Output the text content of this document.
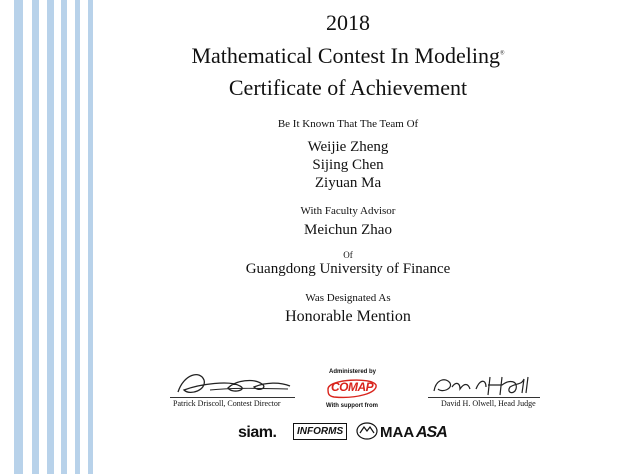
2018
Mathematical Contest In Modeling®
Certificate of Achievement
Be It Known That The Team Of
Weijie Zheng
Sijing Chen
Ziyuan Ma
With Faculty Advisor
Meichun Zhao
Of
Guangdong University of Finance
Was Designated As
Honorable Mention
Patrick Driscoll, Contest Director	David H. Olwell, Head Judge
Administered by
COMAP
With support from
siam.	INFORMS MAA ASA
